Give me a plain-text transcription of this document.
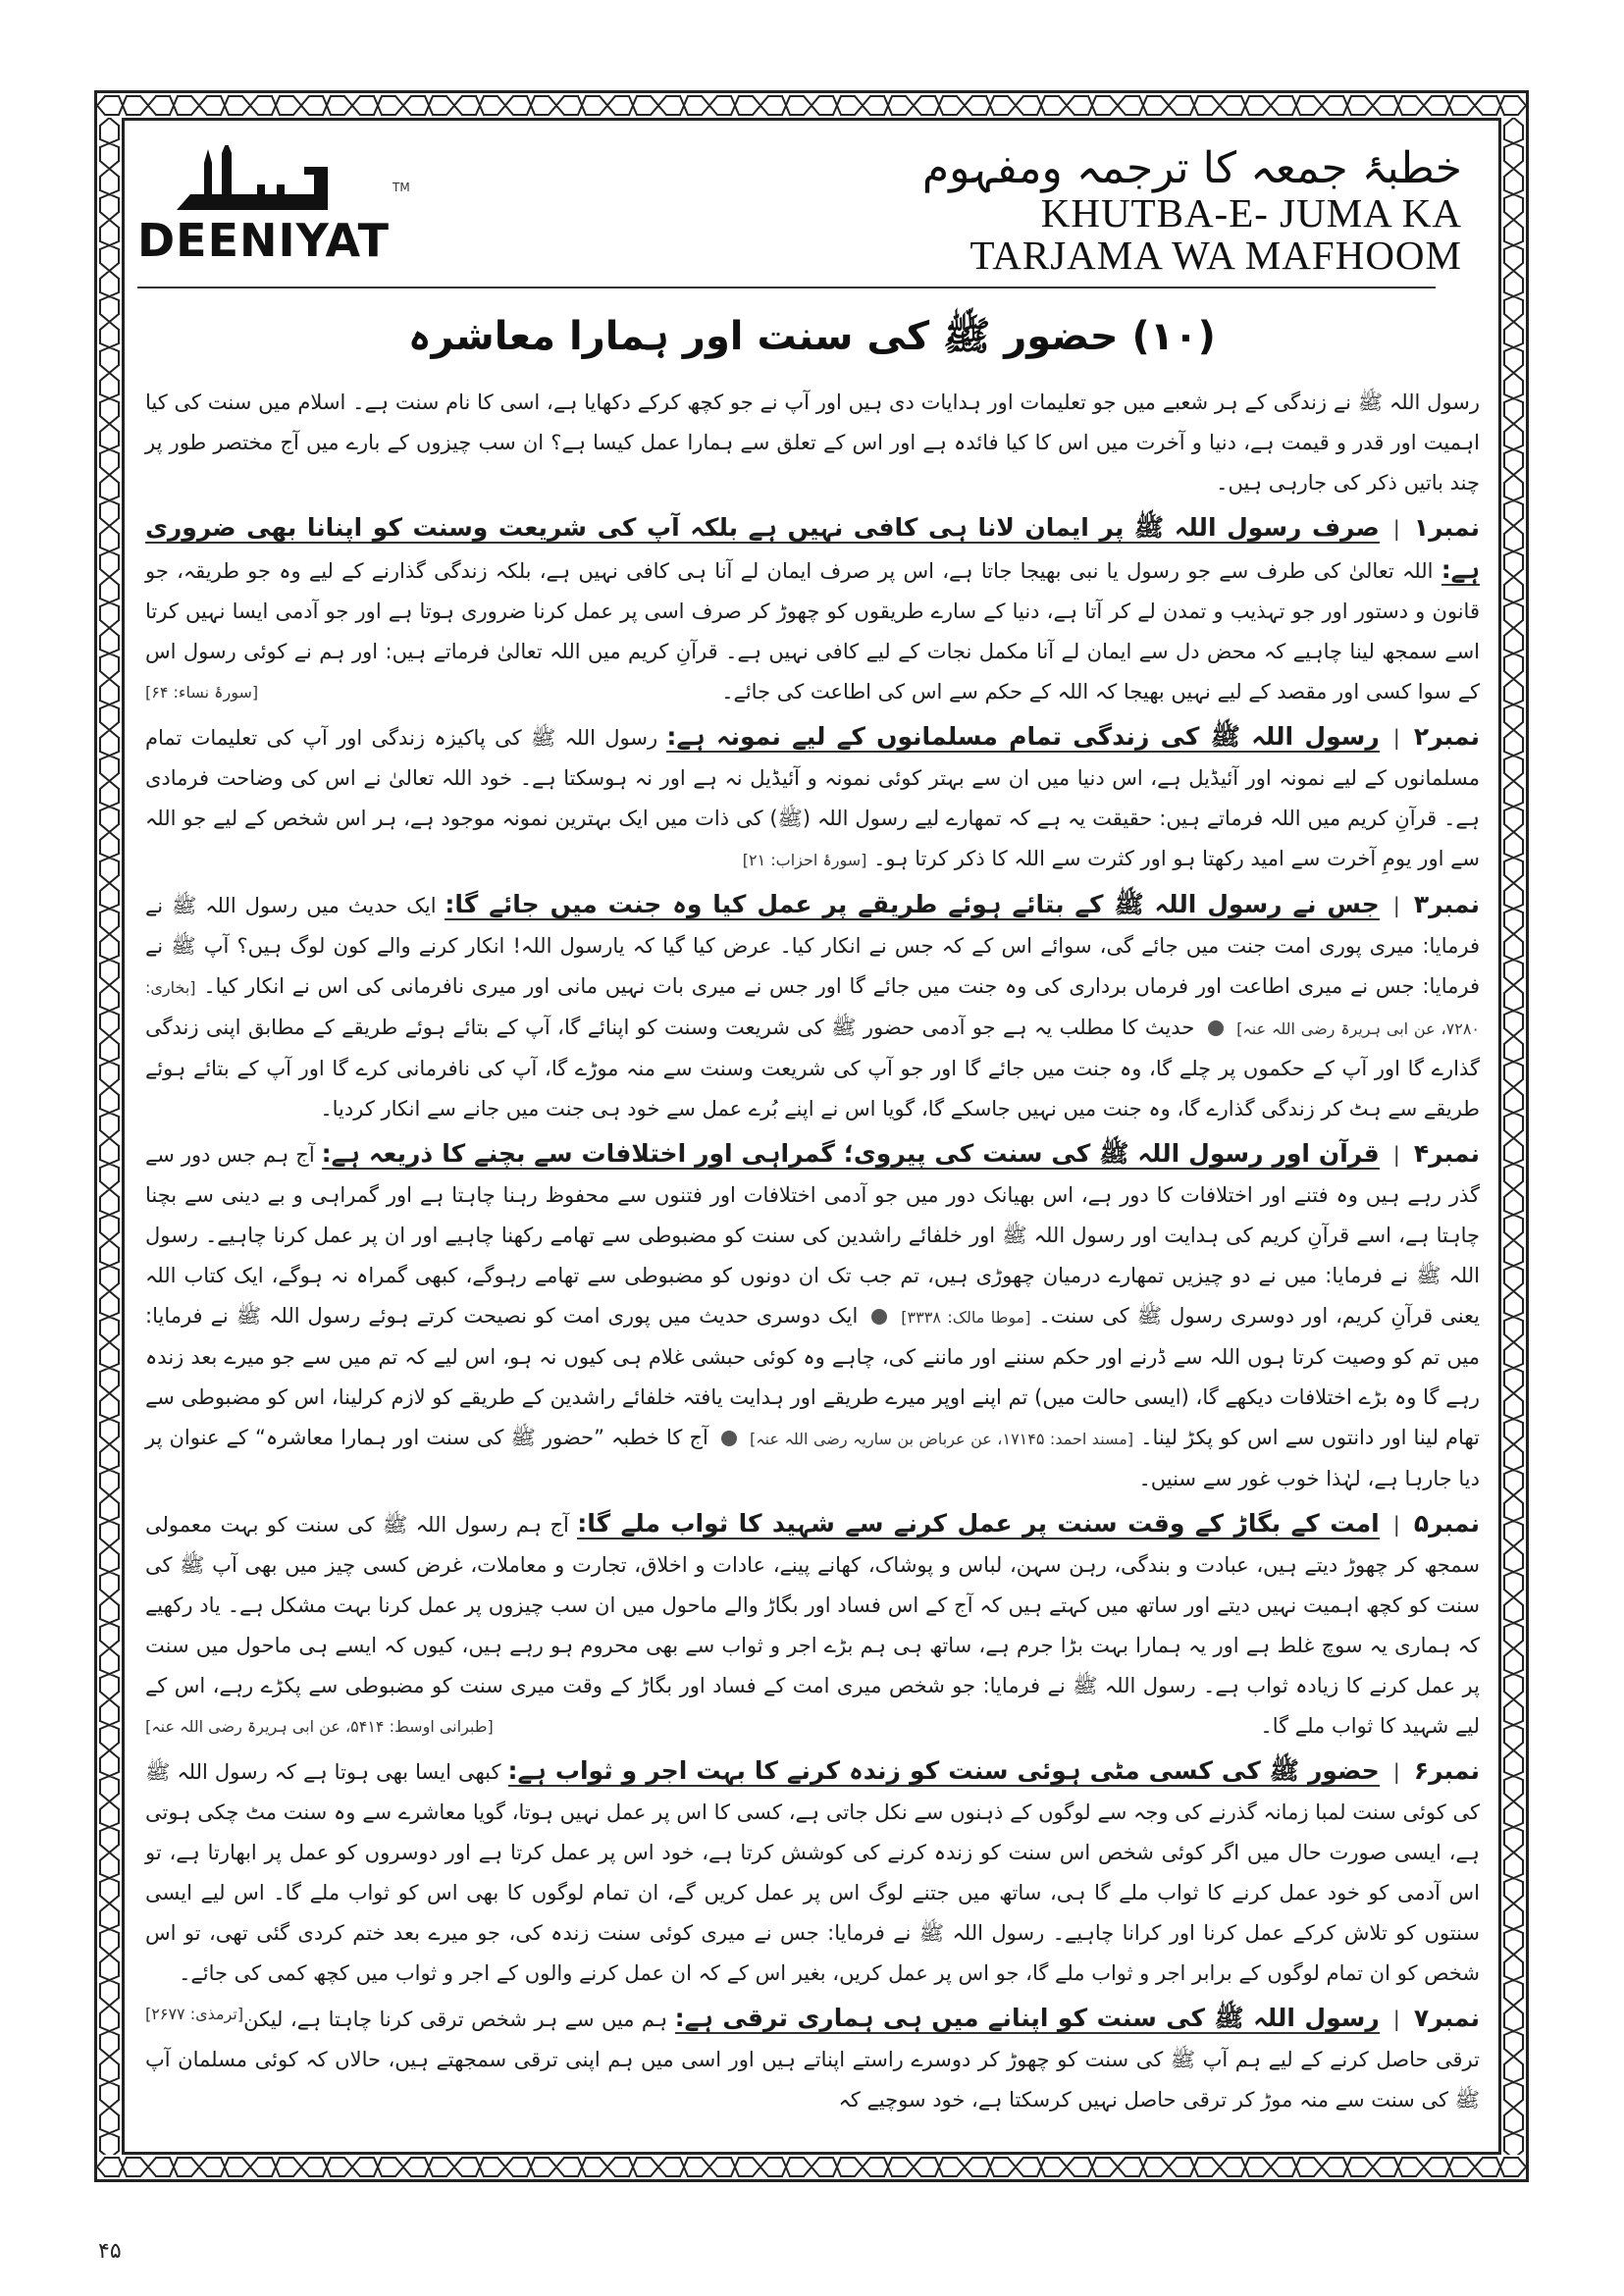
TM
DEENIYAT
خطبۂ جمعہ کا ترجمہ ومفہوم
KHUTBA-E- JUMA KA
TARJAMA WA MAFHOOM
(۱۰) حضور ﷺ کی سنت اور ہمارا معاشرہ

رسول اللہ ﷺ نے زندگی کے ہر شعبے میں جو تعلیمات اور ہدایات دی ہیں اور آپ نے جو کچھ کرکے دکھایا ہے، اسی کا نام سنت ہے۔ اسلام میں سنت کی کیا اہمیت اور قدر و قیمت ہے، دنیا و آخرت میں اس کا کیا فائدہ ہے اور اس کے تعلق سے ہمارا عمل کیسا ہے؟ ان سب چیزوں کے بارے میں آج مختصر طور پر چند باتیں ذکر کی جارہی ہیں۔

نمبر۱|صرف رسول اللہ ﷺ پر ایمان لانا ہی کافی نہیں ہے بلکہ آپ کی شریعت وسنت کو اپنانا بھی ضروری ہے: اللہ تعالیٰ کی طرف سے جو رسول یا نبی بھیجا جاتا ہے، اس پر صرف ایمان لے آنا ہی کافی نہیں ہے، بلکہ زندگی گذارنے کے لیے وہ جو طریقہ، جو قانون و دستور اور جو تہذیب و تمدن لے کر آتا ہے، دنیا کے سارے طریقوں کو چھوڑ کر صرف اسی پر عمل کرنا ضروری ہوتا ہے اور جو آدمی ایسا نہیں کرتا اسے سمجھ لینا چاہیے کہ محض دل سے ایمان لے آنا مکمل نجات کے لیے کافی نہیں ہے۔ قرآنِ کریم میں اللہ تعالیٰ فرماتے ہیں: اور ہم نے کوئی رسول اس کے سوا کسی اور مقصد کے لیے نہیں بھیجا کہ اللہ کے حکم سے اس کی اطاعت کی جائے۔
[سورۂ نساء: ۶۴]

نمبر۲|رسول اللہ ﷺ کی زندگی تمام مسلمانوں کے لیے نمونہ ہے: رسول اللہ ﷺ کی پاکیزہ زندگی اور آپ کی تعلیمات تمام مسلمانوں کے لیے نمونہ اور آئیڈیل ہے، اس دنیا میں ان سے بہتر کوئی نمونہ و آئیڈیل نہ ہے اور نہ ہوسکتا ہے۔ خود اللہ تعالیٰ نے اس کی وضاحت فرمادی ہے۔ قرآنِ کریم میں اللہ فرماتے ہیں: حقیقت یہ ہے کہ تمھارے لیے رسول اللہ (ﷺ) کی ذات میں ایک بہترین نمونہ موجود ہے، ہر اس شخص کے لیے جو اللہ سے اور یومِ آخرت سے امید رکھتا ہو اور کثرت سے اللہ کا ذکر کرتا ہو۔ [سورۂ احزاب: ۲۱]

نمبر۳|جس نے رسول اللہ ﷺ کے بتائے ہوئے طریقے پر عمل کیا وہ جنت میں جائے گا: ایک حدیث میں رسول اللہ ﷺ نے فرمایا: میری پوری امت جنت میں جائے گی، سوائے اس کے کہ جس نے انکار کیا۔ عرض کیا گیا کہ یارسول اللہ! انکار کرنے والے کون لوگ ہیں؟ آپ ﷺ نے فرمایا: جس نے میری اطاعت اور فرماں برداری کی وہ جنت میں جائے گا اور جس نے میری بات نہیں مانی اور میری نافرمانی کی اس نے انکار کیا۔ [بخاری: ۷۲۸۰، عن ابی ہریرۃ رضی اللہ عنہ]  حدیث کا مطلب یہ ہے جو آدمی حضور ﷺ کی شریعت وسنت کو اپنائے گا، آپ کے بتائے ہوئے طریقے کے مطابق اپنی زندگی گذارے گا اور آپ کے حکموں پر چلے گا، وہ جنت میں جائے گا اور جو آپ کی شریعت وسنت سے منہ موڑے گا، آپ کی نافرمانی کرے گا اور آپ کے بتائے ہوئے طریقے سے ہٹ کر زندگی گذارے گا، وہ جنت میں نہیں جاسکے گا، گویا اس نے اپنے بُرے عمل سے خود ہی جنت میں جانے سے انکار کردیا۔

نمبر۴|قرآن اور رسول اللہ ﷺ کی سنت کی پیروی؛ گمراہی اور اختلافات سے بچنے کا ذریعہ ہے: آج ہم جس دور سے گذر رہے ہیں وہ فتنے اور اختلافات کا دور ہے، اس بھیانک دور میں جو آدمی اختلافات اور فتنوں سے محفوظ رہنا چاہتا ہے اور گمراہی و بے دینی سے بچنا چاہتا ہے، اسے قرآنِ کریم کی ہدایت اور رسول اللہ ﷺ اور خلفائے راشدین کی سنت کو مضبوطی سے تھامے رکھنا چاہیے اور ان پر عمل کرنا چاہیے۔ رسول اللہ ﷺ نے فرمایا: میں نے دو چیزیں تمھارے درمیان چھوڑی ہیں، تم جب تک ان دونوں کو مضبوطی سے تھامے رہوگے، کبھی گمراہ نہ ہوگے، ایک کتاب اللہ یعنی قرآنِ کریم، اور دوسری رسول ﷺ کی سنت۔ [موطا مالک: ۳۳۳۸]  ایک دوسری حدیث میں پوری امت کو نصیحت کرتے ہوئے رسول اللہ ﷺ نے فرمایا: میں تم کو وصیت کرتا ہوں اللہ سے ڈرنے اور حکم سننے اور ماننے کی، چاہے وہ کوئی حبشی غلام ہی کیوں نہ ہو، اس لیے کہ تم میں سے جو میرے بعد زندہ رہے گا وہ بڑے اختلافات دیکھے گا، (ایسی حالت میں) تم اپنے اوپر میرے طریقے اور ہدایت یافتہ خلفائے راشدین کے طریقے کو لازم کرلینا، اس کو مضبوطی سے تھام لینا اور دانتوں سے اس کو پکڑ لینا۔ [مسند احمد: ۱۷۱۴۵، عن عرباض بن ساریہ رضی اللہ عنہ]  آج کا خطبہ ”حضور ﷺ کی سنت اور ہمارا معاشرہ“ کے عنوان پر دیا جارہا ہے، لہٰذا خوب غور سے سنیں۔

نمبر۵|امت کے بگاڑ کے وقت سنت پر عمل کرنے سے شہید کا ثواب ملے گا: آج ہم رسول اللہ ﷺ کی سنت کو بہت معمولی سمجھ کر چھوڑ دیتے ہیں، عبادت و بندگی، رہن سہن، لباس و پوشاک، کھانے پینے، عادات و اخلاق، تجارت و معاملات، غرض کسی چیز میں بھی آپ ﷺ کی سنت کو کچھ اہمیت نہیں دیتے اور ساتھ میں کہتے ہیں کہ آج کے اس فساد اور بگاڑ والے ماحول میں ان سب چیزوں پر عمل کرنا بہت مشکل ہے۔ یاد رکھیے کہ ہماری یہ سوچ غلط ہے اور یہ ہمارا بہت بڑا جرم ہے، ساتھ ہی ہم بڑے اجر و ثواب سے بھی محروم ہو رہے ہیں، کیوں کہ ایسے ہی ماحول میں سنت پر عمل کرنے کا زیادہ ثواب ہے۔ رسول اللہ ﷺ نے فرمایا: جو شخص میری امت کے فساد اور بگاڑ کے وقت میری سنت کو مضبوطی سے پکڑے رہے، اس کے لیے شہید کا ثواب ملے گا۔
[طبرانی اوسط: ۵۴۱۴، عن ابی ہریرۃ رضی اللہ عنہ]

نمبر۶|حضور ﷺ کی کسی مٹی ہوئی سنت کو زندہ کرنے کا بہت اجر و ثواب ہے: کبھی ایسا بھی ہوتا ہے کہ رسول اللہ ﷺ کی کوئی سنت لمبا زمانہ گذرنے کی وجہ سے لوگوں کے ذہنوں سے نکل جاتی ہے، کسی کا اس پر عمل نہیں ہوتا، گویا معاشرے سے وہ سنت مٹ چکی ہوتی ہے، ایسی صورت حال میں اگر کوئی شخص اس سنت کو زندہ کرنے کی کوشش کرتا ہے، خود اس پر عمل کرتا ہے اور دوسروں کو عمل پر ابھارتا ہے، تو اس آدمی کو خود عمل کرنے کا ثواب ملے گا ہی، ساتھ میں جتنے لوگ اس پر عمل کریں گے، ان تمام لوگوں کا بھی اس کو ثواب ملے گا۔ اس لیے ایسی سنتوں کو تلاش کرکے عمل کرنا اور کرانا چاہیے۔ رسول اللہ ﷺ نے فرمایا: جس نے میری کوئی سنت زندہ کی، جو میرے بعد ختم کردی گئی تھی، تو اس شخص کو ان تمام لوگوں کے برابر اجر و ثواب ملے گا، جو اس پر عمل کریں، بغیر اس کے کہ ان عمل کرنے والوں کے اجر و ثواب میں کچھ کمی کی جائے۔
[ترمذی: ۲۶۷۷]	نمبر۷|رسول اللہ ﷺ کی سنت کو اپنانے میں ہی ہماری ترقی ہے: ہم میں سے ہر شخص ترقی کرنا چاہتا ہے، لیکن ترقی حاصل کرنے کے لیے ہم آپ ﷺ کی سنت کو چھوڑ کر دوسرے راستے اپناتے ہیں اور اسی میں ہم اپنی ترقی سمجھتے ہیں، حالاں کہ کوئی مسلمان آپ ﷺ کی سنت سے منہ موڑ کر ترقی حاصل نہیں کرسکتا ہے، خود سوچیے کہ

۴۵
